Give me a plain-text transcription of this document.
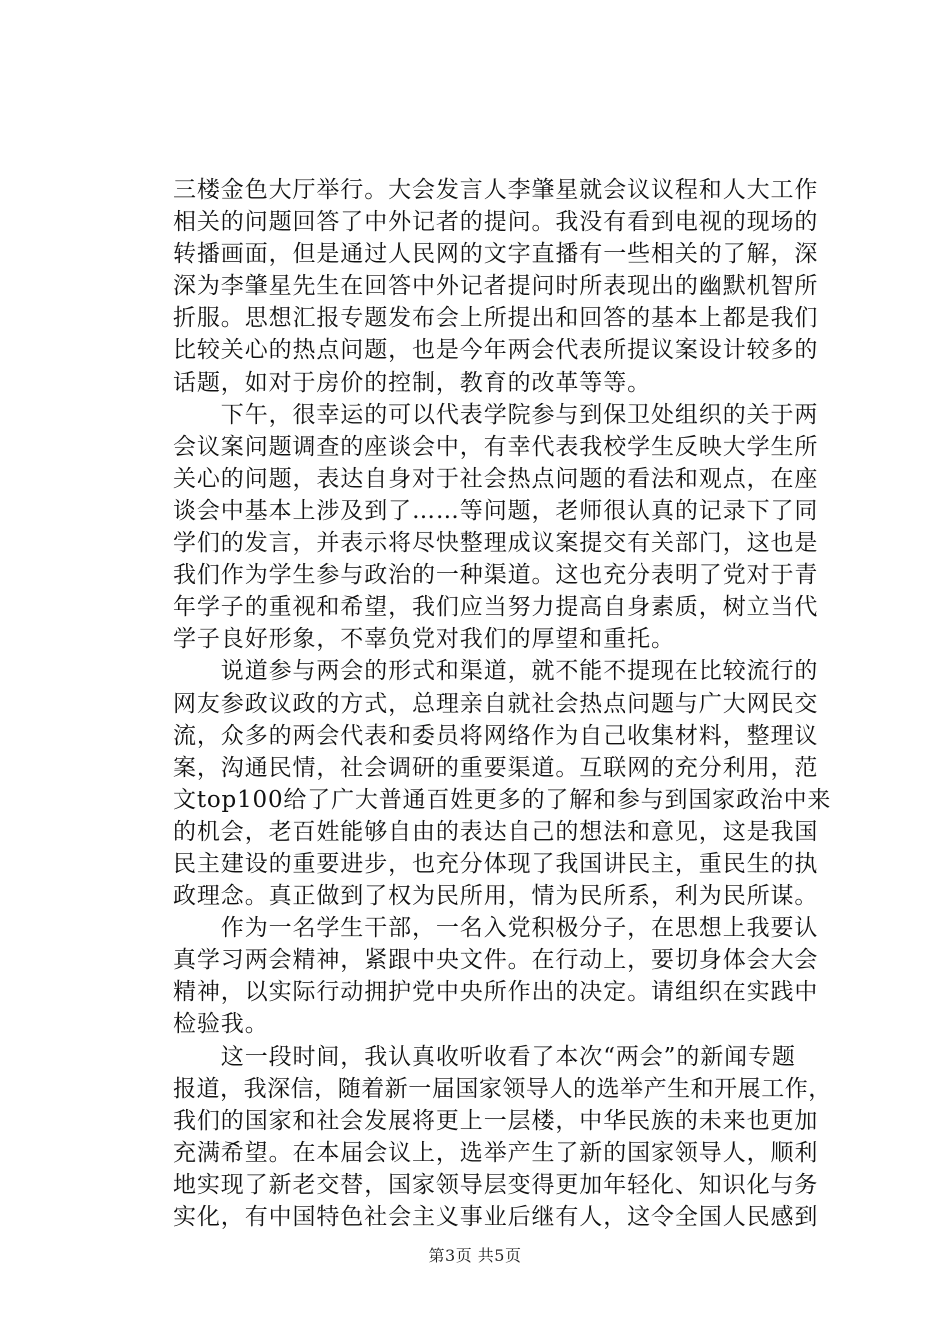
三楼金色大厅举行。大会发言人李肇星就会议议程和人大工作
相关的问题回答了中外记者的提问。我没有看到电视的现场的
转播画面，但是通过人民网的文字直播有一些相关的了解，深
深为李肇星先生在回答中外记者提问时所表现出的幽默机智所
折服。思想汇报专题发布会上所提出和回答的基本上都是我们
比较关心的热点问题，也是今年两会代表所提议案设计较多的
话题，如对于房价的控制，教育的改革等等。
　　下午，很幸运的可以代表学院参与到保卫处组织的关于两
会议案问题调查的座谈会中，有幸代表我校学生反映大学生所
关心的问题，表达自身对于社会热点问题的看法和观点，在座
谈会中基本上涉及到了……等问题，老师很认真的记录下了同
学们的发言，并表示将尽快整理成议案提交有关部门，这也是
我们作为学生参与政治的一种渠道。这也充分表明了党对于青
年学子的重视和希望，我们应当努力提高自身素质，树立当代
学子良好形象，不辜负党对我们的厚望和重托。
　　说道参与两会的形式和渠道，就不能不提现在比较流行的
网友参政议政的方式，总理亲自就社会热点问题与广大网民交
流，众多的两会代表和委员将网络作为自己收集材料，整理议
案，沟通民情，社会调研的重要渠道。互联网的充分利用，范
文top100给了广大普通百姓更多的了解和参与到国家政治中来
的机会，老百姓能够自由的表达自己的想法和意见，这是我国
民主建设的重要进步，也充分体现了我国讲民主，重民生的执
政理念。真正做到了权为民所用，情为民所系，利为民所谋。
　　作为一名学生干部，一名入党积极分子，在思想上我要认
真学习两会精神，紧跟中央文件。在行动上，要切身体会大会
精神，以实际行动拥护党中央所作出的决定。请组织在实践中
检验我。
　　这一段时间，我认真收听收看了本次“两会”的新闻专题
报道，我深信，随着新一届国家领导人的选举产生和开展工作，
我们的国家和社会发展将更上一层楼，中华民族的未来也更加
充满希望。在本届会议上，选举产生了新的国家领导人，顺利
地实现了新老交替，国家领导层变得更加年轻化、知识化与务
实化，有中国特色社会主义事业后继有人，这令全国人民感到
第3页 共5页
